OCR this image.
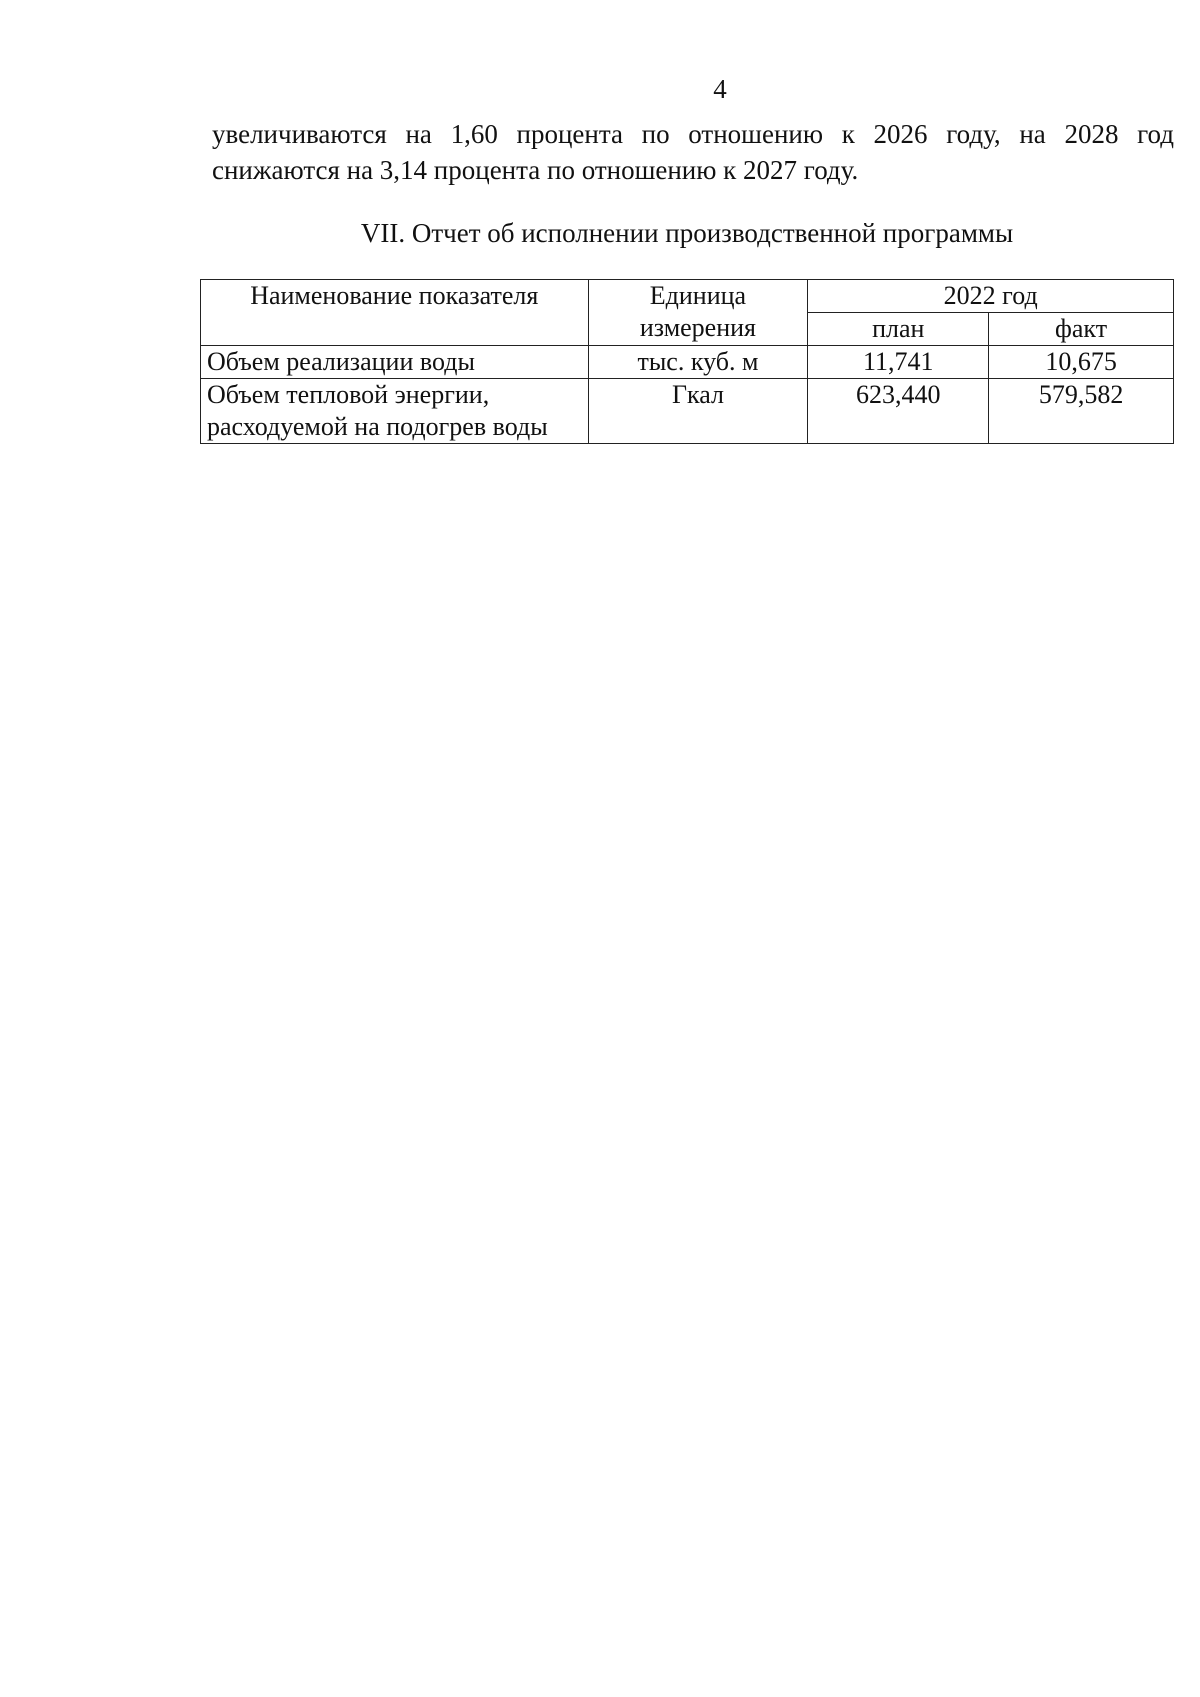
4

увеличиваются на 1,60 процента по отношению к 2026 году, на 2028 год
снижаются на 3,14 процента по отношению к 2027 году.

VII. Отчет об исполнении производственной программы
Наименование показателя	Единица измерения	2022 год	
		план	факт
Объем реализации воды	тыс. куб. м	11,741	10,675
Объем тепловой энергии, расходуемой на подогрев воды	Гкал	623,440	579,582
